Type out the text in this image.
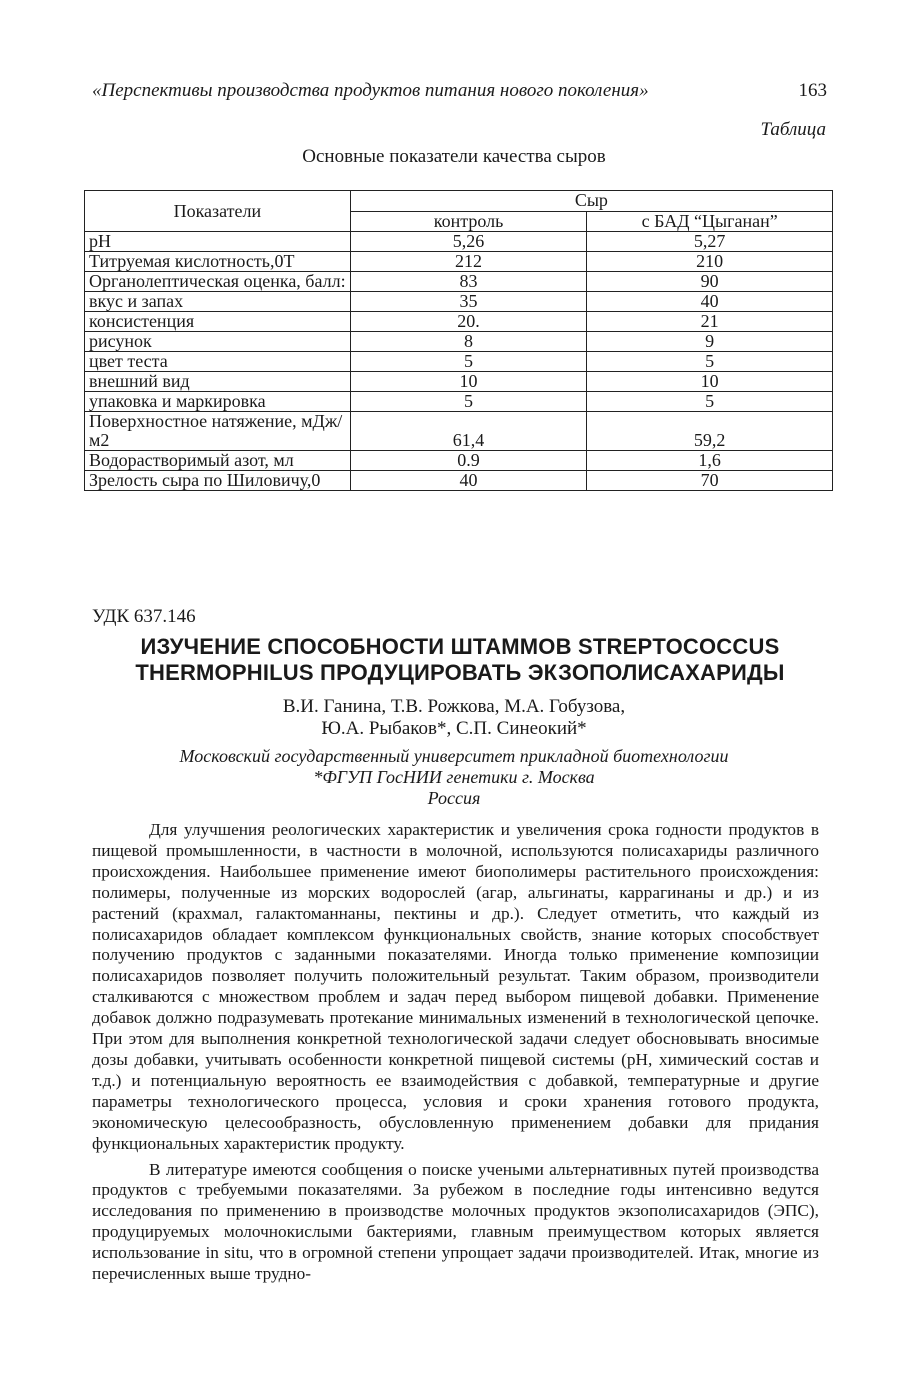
«Перспективы производства продуктов питания нового поколения»	163
Таблица
Основные показатели качества сыров
Показатели	Сыр	
	контроль	с БАД “Цыганан”
pH	5,26	5,27
Титруемая кислотность,0Т	212	210
Органолептическая оценка, балл:	83	90
вкус и запах	35	40
консистенция	20.	21
рисунок	8	9
цвет теста	5	5
внешний вид	10	10
упаковка и маркировка	5	5
Поверхностное натяжение, мДж/м2	61,4	59,2
Водорастворимый азот, мл	0.9	1,6
Зрелость сыра по Шиловичу,0	40	70
УДК 637.146
ИЗУЧЕНИЕ СПОСОБНОСТИ ШТАММОВ STREPTOCOCCUS
THERMOPHILUS ПРОДУЦИРОВАТЬ ЭКЗОПОЛИСАХАРИДЫ
В.И. Ганина, Т.В. Рожкова, М.А. Гобузова,
Ю.А. Рыбаков*, С.П. Синеокий*
Московский государственный университет прикладной биотехнологии
*ФГУП ГосНИИ генетики г. Москва
Россия

Для улучшения реологических характеристик и увеличения срока годности продуктов в пищевой промышленности, в частности в молочной, используются полисахариды различного происхождения. Наибольшее применение имеют биополимеры растительного происхождения: полимеры, полученные из морских водорослей (агар, альгинаты, каррагинаны и др.) и из растений (крахмал, галактоманнаны, пектины и др.). Следует отметить, что каждый из полисахаридов обладает комплексом функциональных свойств, знание которых способствует получению продуктов с заданными показателями. Иногда только применение композиции полисахаридов позволяет получить положительный результат. Таким образом, производители сталкиваются с множеством проблем и задач перед выбором пищевой добавки. Применение добавок должно подразумевать протекание минимальных изменений в технологической цепочке. При этом для выполнения конкретной технологической задачи следует обосновывать вносимые дозы добавки, учитывать особенности конкретной пищевой системы (рН, химический состав и т.д.) и потенциальную вероятность ее взаимодействия с добавкой, температурные и другие параметры технологического процесса, условия и сроки хранения готового продукта, экономическую целесообразность, обусловленную применением добавки для придания функциональных характеристик продукту.

В литературе имеются сообщения о поиске учеными альтернативных путей производства продуктов с требуемыми показателями. За рубежом в последние годы интенсивно ведутся исследования по применению в производстве молочных продуктов экзополисахаридов (ЭПС), продуцируемых молочнокислыми бактериями, главным преимуществом которых является использование in situ, что в огромной степени упрощает задачи производителей. Итак, многие из перечисленных выше трудно-
